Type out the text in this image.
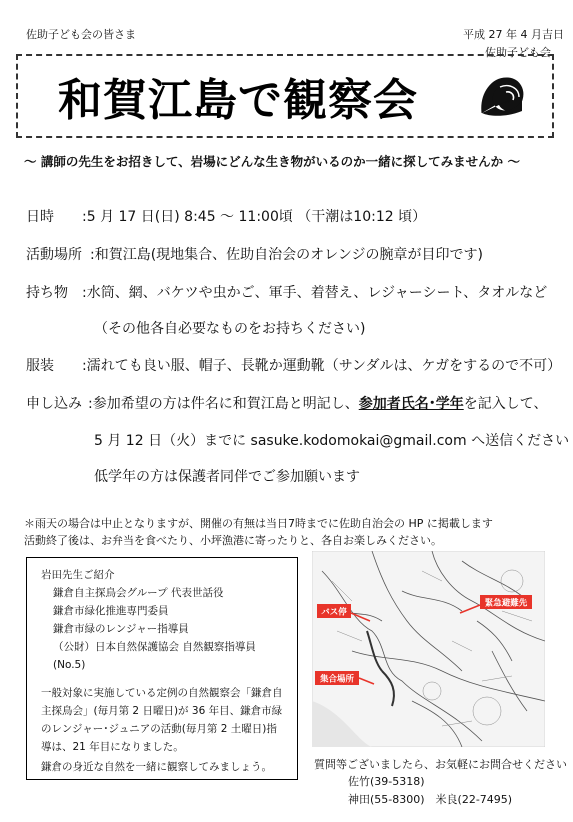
佐助子ども会の皆さま	平成 27 年 4 月吉日
佐助子ども会
和賀江島で観察会
～ 講師の先生をお招きして、岩場にどんな生き物がいるのか一緒に探してみませんか ～
日時 :5 月 17 日(日) 8:45 ～ 11:00頃 （干潮は10:12 頃）
活動場所 :和賀江島(現地集合、佐助自治会のオレンジの腕章が目印です)
持ち物 :水筒、網、バケツや虫かご、軍手、着替え、レジャーシート、タオルなど
（その他各自必要なものをお持ちください)
服装 :濡れても良い服、帽子、長靴か運動靴（サンダルは、ケガをするので不可）
申し込み :参加希望の方は件名に和賀江島と明記し、参加者氏名･学年を記入して、
5 月 12 日（火）までに sasuke.kodomokai@gmail.com へ送信ください
低学年の方は保護者同伴でご参加願います
＊雨天の場合は中止となりますが、開催の有無は当日7時までに佐助自治会の HP に掲載します
活動終了後は、お弁当を食べたり、小坪漁港に寄ったりと、各自お楽しみください。
岩田先生ご紹介
鎌倉自主探鳥会グループ 代表世話役
鎌倉市緑化推進専門委員
鎌倉市緑のレンジャー指導員
（公財）日本自然保護協会 自然観察指導員
(No.5)
一般対象に実施している定例の自然観察会「鎌倉自主探鳥会」(毎月第 2 日曜日)が 36 年目、鎌倉市緑のレンジャー･ジュニアの活動(毎月第 2 土曜日)指導は、21 年目になりました。
鎌倉の身近な自然を一緒に観察してみましょう。
バス停
緊急避難先
集合場所
質問等ございましたら、お気軽にお問合せください
佐竹(39-5318)
神田(55-8300)　米良(22-7495)
